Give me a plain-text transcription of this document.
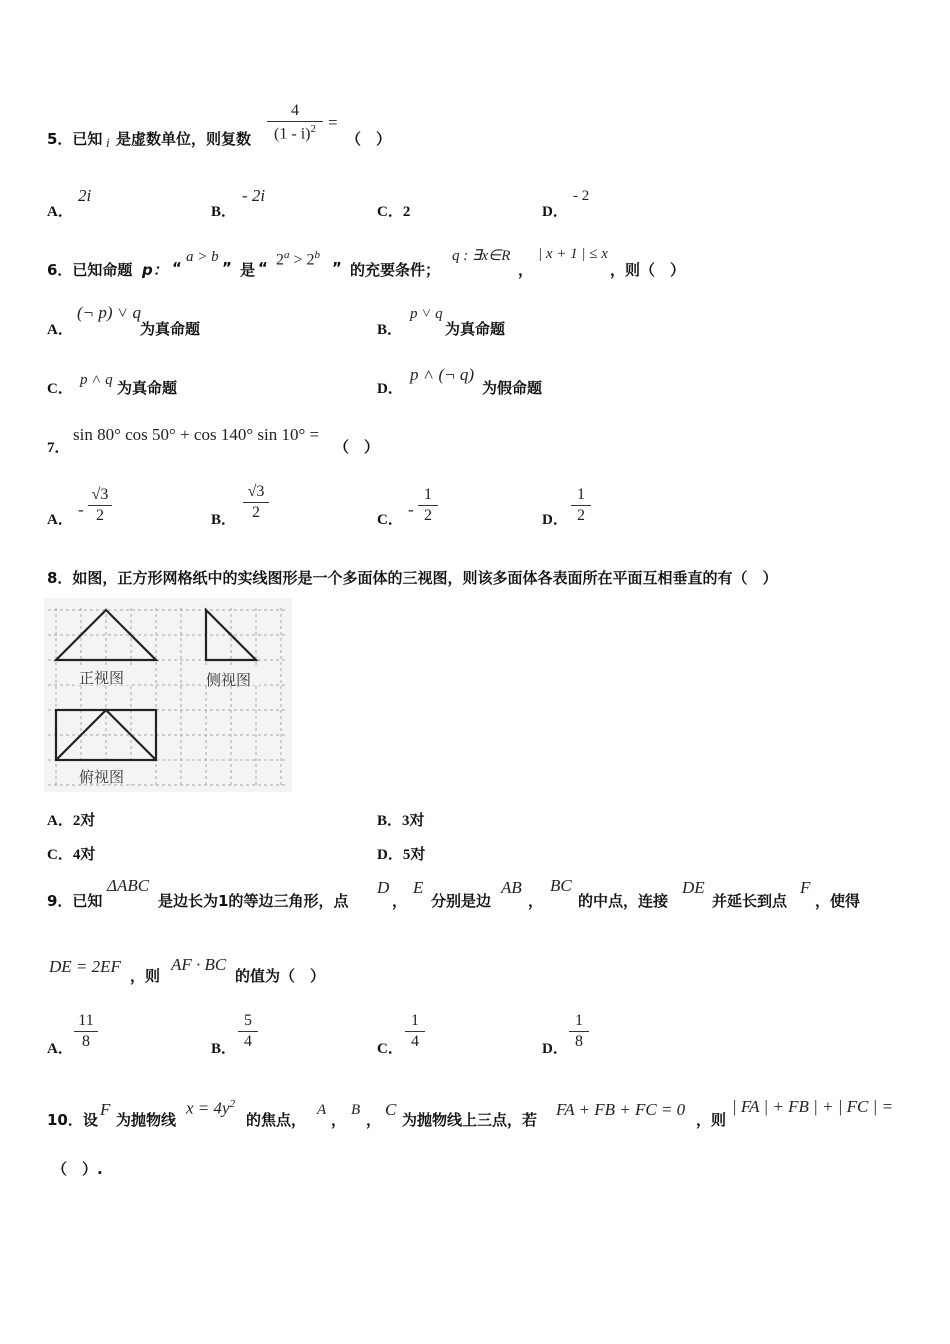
5．已知 i 是虚数单位，则复数 $\frac{4}{(1 - i)^2}$ =
（　）
A．
2i
B．
- 2i
C．2	D．
- 2
6．已知命题 p： “
a > b
” 是 “ $2^a > 2^b$
” 的充要条件；
q : ∃x∈R
，
| x + 1 | ≤ x
，则（　）
A．
(¬ p) ˅ q
为真命题	B．
p ˅ q
为真命题
C．
p ˄ q 为真命题	D．
p ˄ (¬ q)
为假命题
7．
sin 80° cos 50° + cos 140° sin 10° =
（　）
A．
- $\frac{√3}{2}$	B． $\frac{√3}{2}$	C．
- $\frac{1}{2}$	D． $\frac{1}{2}$
8．如图，正方形网格纸中的实线图形是一个多面体的三视图，则该多面体各表面所在平面互相垂直的有（　）
正视图	侧视图
俯视图
A．2对	B．3对
C．4对	D．5对
9．已知
ΔABC
是边长为1的等边三角形，点
D
，
E
分别是边
AB
，
BC
的中点，连接
DE
并延长到点
F
，使得
DE = 2EF ，则
AF · BC
的值为（　）
A． $\frac{11}{8}$	B． $\frac{5}{4}$	C． $\frac{1}{4}$	D． $\frac{1}{8}$
10．设
F
为抛物线
$x = 4y^2$
的焦点，
A
，
B
，
C
为抛物线上三点，若
FA + FB + FC = 0
，则
| FA | + FB | + | FC | =
（　）.
